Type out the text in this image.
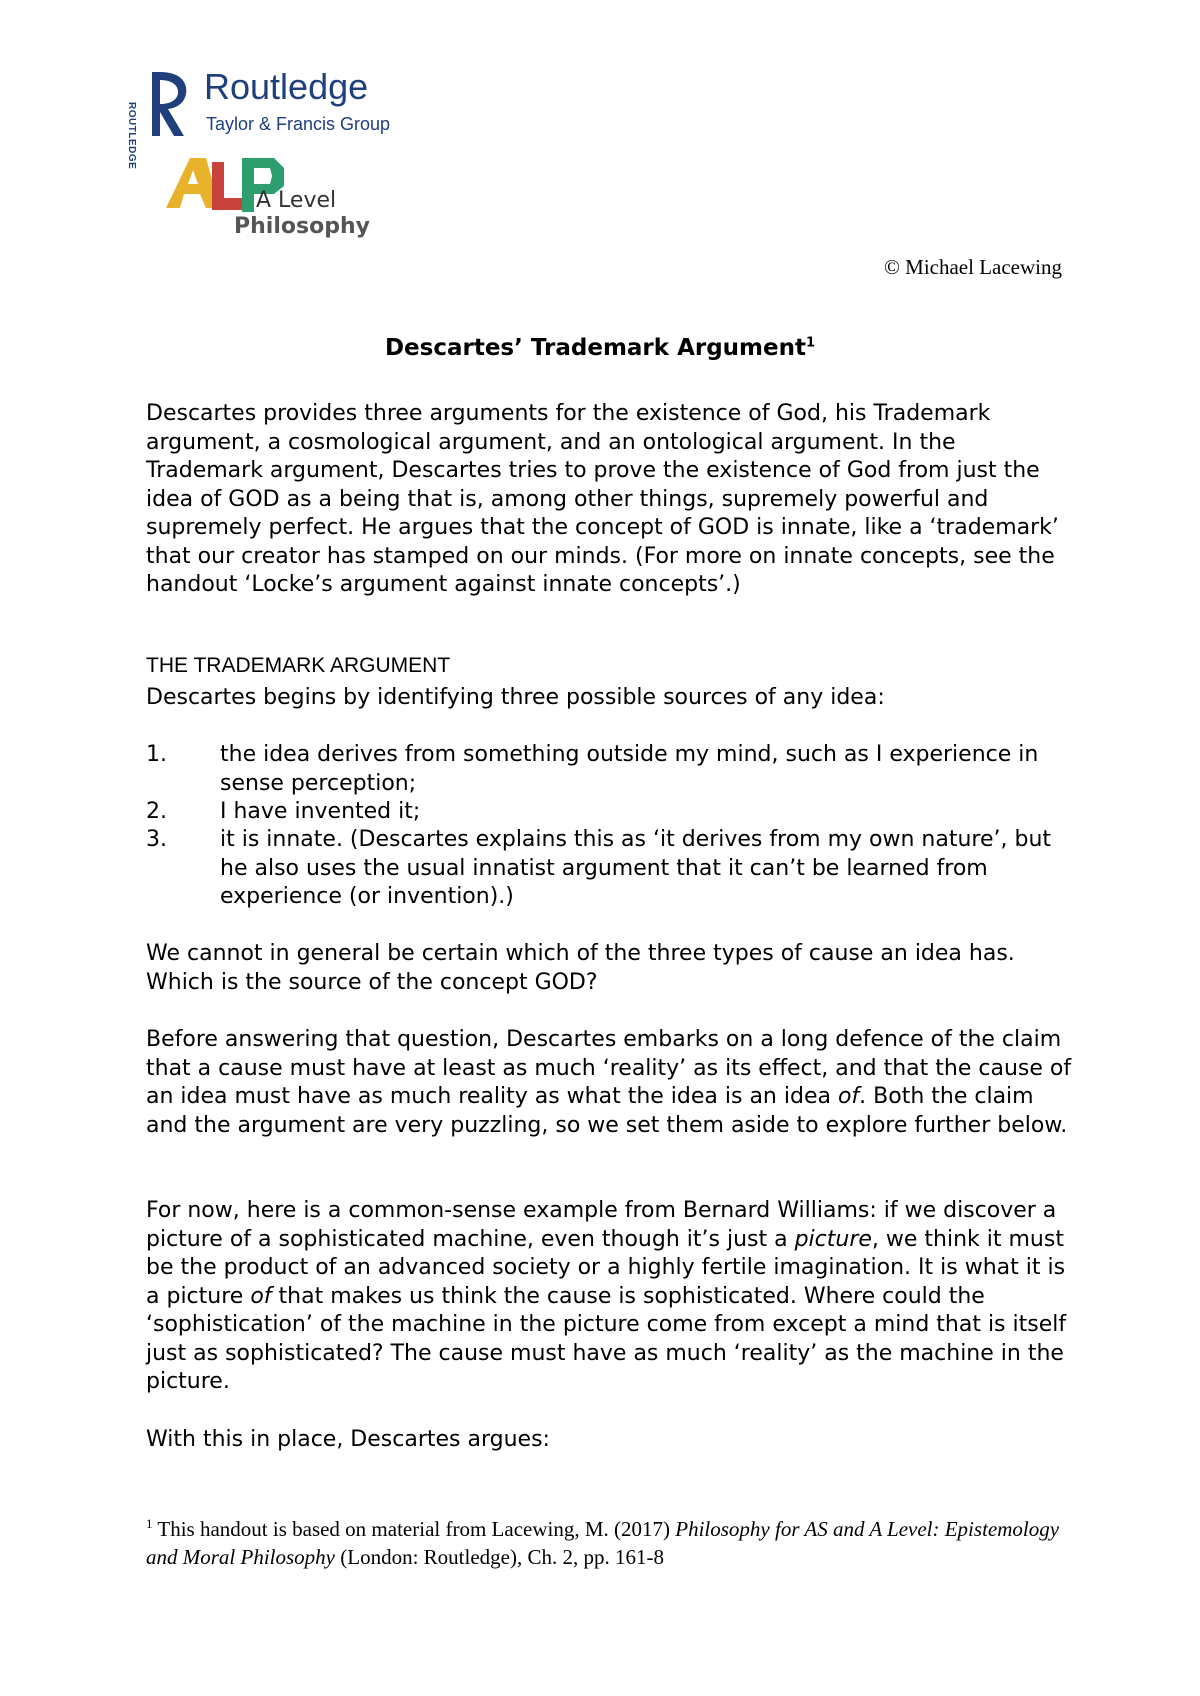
ROUTLEDGE
Routledge
Taylor & Francis Group
A Level
Philosophy
© Michael Lacewing
Descartes’ Trademark Argument$^1$

Descartes provides three arguments for the existence of God, his Trademark argument, a cosmological argument, and an ontological argument. In the Trademark argument, Descartes tries to prove the existence of God from just the idea of GOD as a being that is, among other things, supremely powerful and supremely perfect. He argues that the concept of GOD is innate, like a ‘trademark’ that our creator has stamped on our minds. (For more on innate concepts, see the handout ‘Locke’s argument against innate concepts’.)

THE TRADEMARK ARGUMENT

Descartes begins by identifying three possible sources of any idea:

1. the idea derives from something outside my mind, such as I experience in sense perception;
2. I have invented it;
3. it is innate. (Descartes explains this as ‘it derives from my own nature’, but he also uses the usual innatist argument that it can’t be learned from experience (or invention).)

We cannot in general be certain which of the three types of cause an idea has. Which is the source of the concept GOD?

Before answering that question, Descartes embarks on a long defence of the claim that a cause must have at least as much ‘reality’ as its effect, and that the cause of an idea must have as much reality as what the idea is an idea of. Both the claim and the argument are very puzzling, so we set them aside to explore further below.

For now, here is a common-sense example from Bernard Williams: if we discover a picture of a sophisticated machine, even though it’s just a picture, we think it must be the product of an advanced society or a highly fertile imagination. It is what it is a picture of that makes us think the cause is sophisticated. Where could the ‘sophistication’ of the machine in the picture come from except a mind that is itself just as sophisticated? The cause must have as much ‘reality’ as the machine in the picture.

With this in place, Descartes argues:

$^1$ This handout is based on material from Lacewing, M. (2017) Philosophy for AS and A Level: Epistemology and Moral Philosophy (London: Routledge), Ch. 2, pp. 161-8
